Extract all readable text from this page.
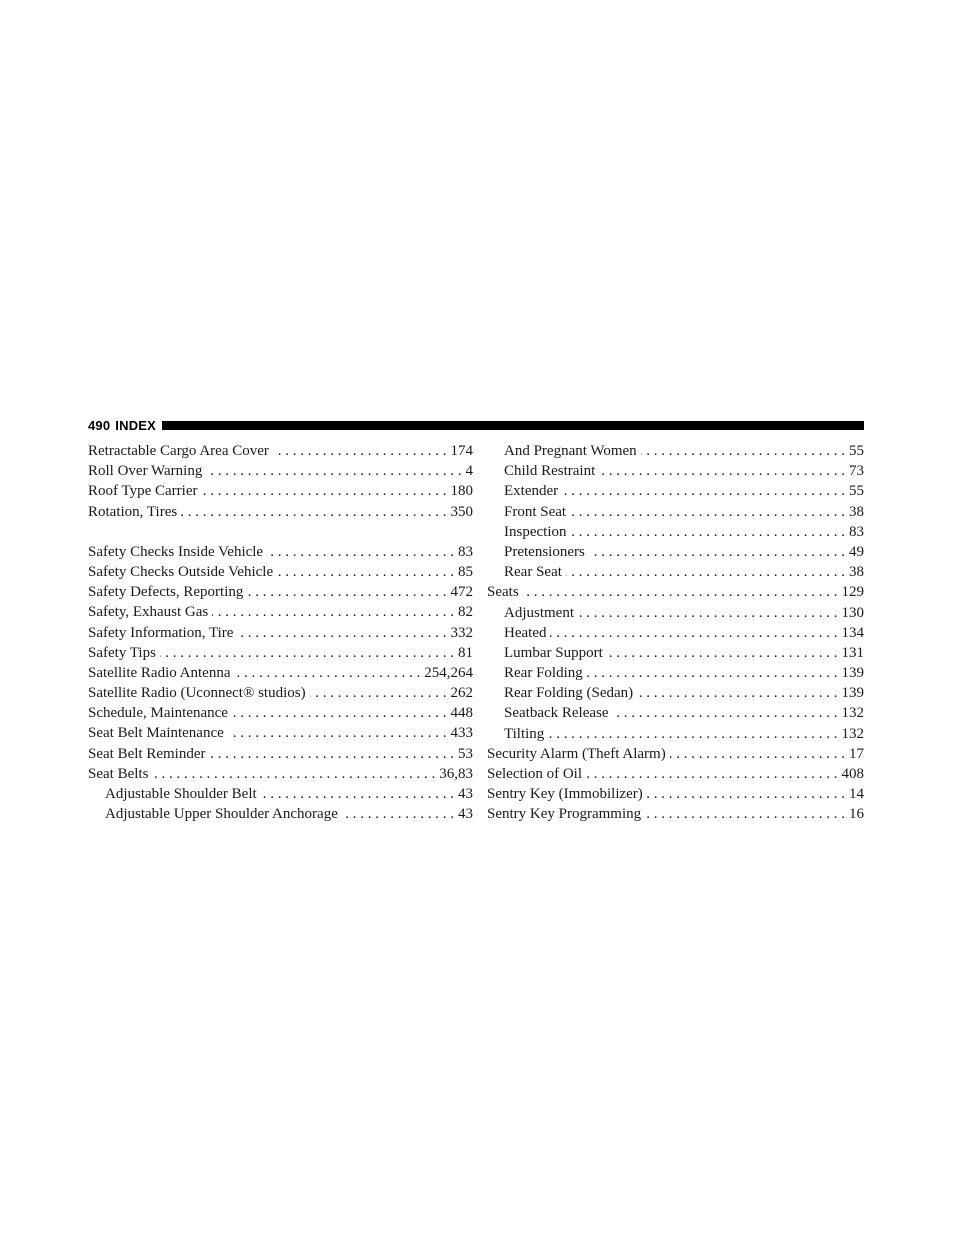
490 INDEX
Retractable Cargo Area Cover . . .	174
Roll Over Warning . . .	4
Roof Type Carrier . . .	180
Rotation, Tires . . .	350
Safety Checks Inside Vehicle . . .	83
Safety Checks Outside Vehicle . . .	85
Safety Defects, Reporting . . .	472
Safety, Exhaust Gas . . .	82
Safety Information, Tire . . .	332
Safety Tips . . .	81
Satellite Radio Antenna . . .	254,264
Satellite Radio (Uconnect® studios) . . .	262
Schedule, Maintenance . . .	448
Seat Belt Maintenance . . .	433
Seat Belt Reminder . . .	53
Seat Belts . . .	36,83
Adjustable Shoulder Belt . . .	43
Adjustable Upper Shoulder Anchorage . . .	43
And Pregnant Women . . .	55
Child Restraint . . .	73
Extender . . .	55
Front Seat . . .	38
Inspection . . .	83
Pretensioners . . .	49
Rear Seat . . .	38
Seats . . .	129
Adjustment . . .	130
Heated . . .	134
Lumbar Support . . .	131
Rear Folding . . .	139
Rear Folding (Sedan) . . .	139
Seatback Release . . .	132
Tilting . . .	132
Security Alarm (Theft Alarm) . . .	17
Selection of Oil . . .	408
Sentry Key (Immobilizer) . . .	14
Sentry Key Programming . . .	16
